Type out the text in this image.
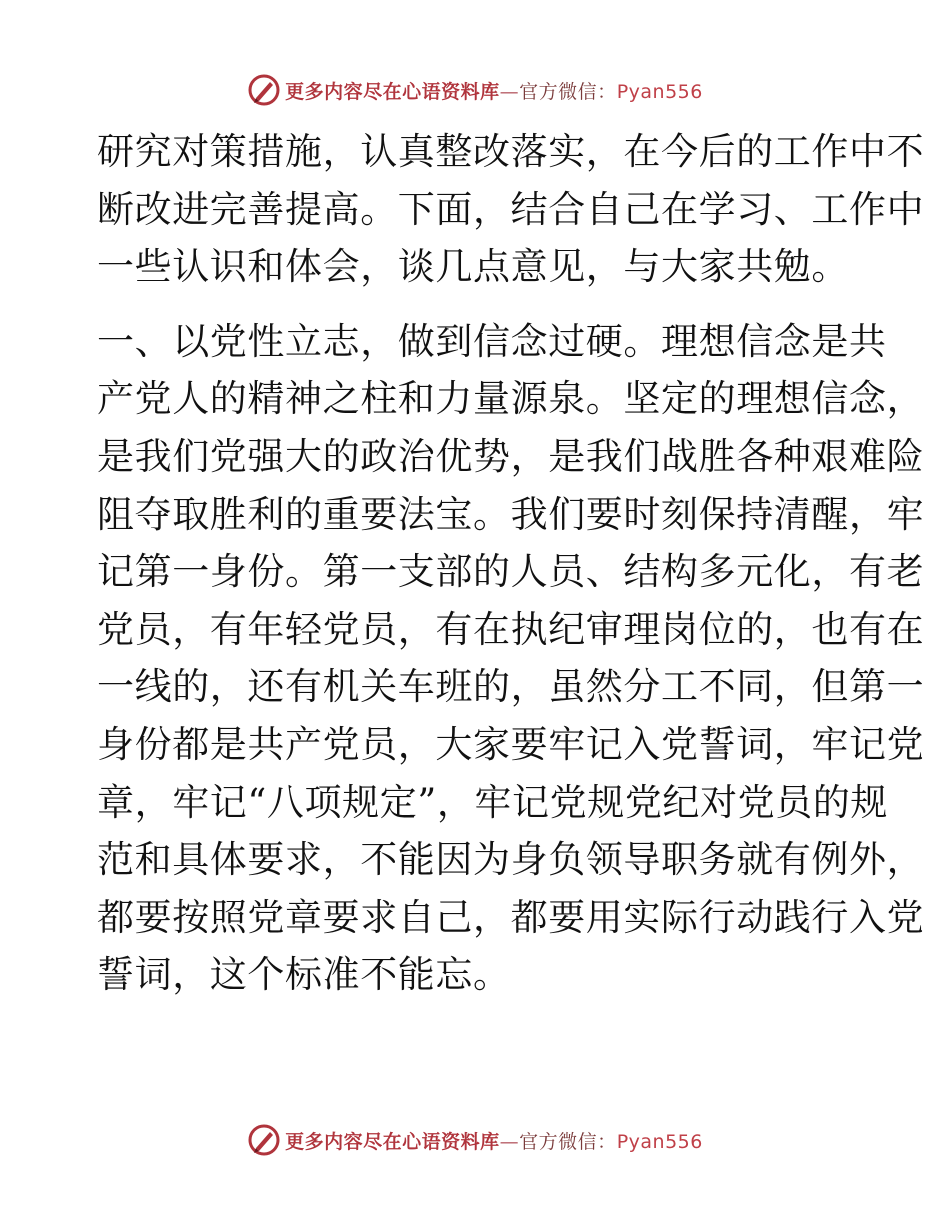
更多内容尽在心语资料库—官方微信：Pyan556

研究对策措施，认真整改落实，在今后的工作中不
断改进完善提高。下面，结合自己在学习、工作中
一些认识和体会，谈几点意见，与大家共勉。

一、以党性立志，做到信念过硬。理想信念是共
产党人的精神之柱和力量源泉。坚定的理想信念，
是我们党强大的政治优势，是我们战胜各种艰难险
阻夺取胜利的重要法宝。我们要时刻保持清醒，牢
记第一身份。第一支部的人员、结构多元化，有老
党员，有年轻党员，有在执纪审理岗位的，也有在
一线的，还有机关车班的，虽然分工不同，但第一
身份都是共产党员，大家要牢记入党誓词，牢记党
章，牢记“八项规定”，牢记党规党纪对党员的规
范和具体要求，不能因为身负领导职务就有例外，
都要按照党章要求自己，都要用实际行动践行入党
誓词，这个标准不能忘。

更多内容尽在心语资料库—官方微信：Pyan556
